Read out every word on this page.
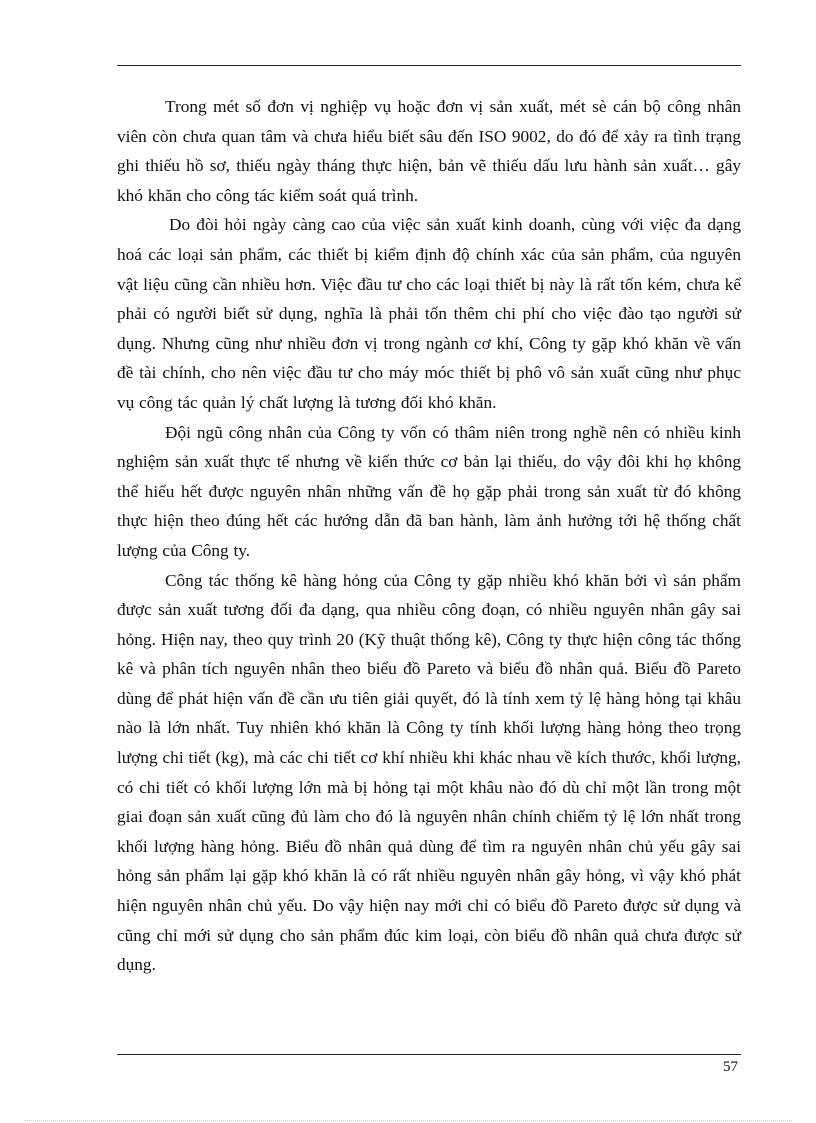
Trong mét số đơn vị nghiệp vụ hoặc đơn vị sản xuất, mét sè cán bộ công nhân viên còn chưa quan tâm và chưa hiểu biết sâu đến ISO 9002, do đó để xảy ra tình trạng ghi thiếu hồ sơ, thiếu ngày tháng thực hiện, bản vẽ thiếu dấu lưu hành sản xuất… gây khó khăn cho công tác kiểm soát quá trình.

Do đòi hỏi ngày càng cao của việc sản xuất kinh doanh, cùng với việc đa dạng hoá các loại sản phẩm, các thiết bị kiểm định độ chính xác của sản phẩm, của nguyên vật liệu cũng cần nhiều hơn. Việc đầu tư cho các loại thiết bị này là rất tốn kém, chưa kể phải có người biết sử dụng, nghĩa là phải tốn thêm chi phí cho việc đào tạo người sử dụng. Nhưng cũng như nhiều đơn vị trong ngành cơ khí, Công ty gặp khó khăn về vấn đề tài chính, cho nên việc đầu tư cho máy móc thiết bị phô vô sản xuất cũng như phục vụ công tác quản lý chất lượng là tương đối khó khăn.

Đội ngũ công nhân của Công ty vốn có thâm niên trong nghề nên có nhiều kinh nghiệm sản xuất thực tế nhưng về kiến thức cơ bản lại thiếu, do vậy đôi khi họ không thể hiểu hết được nguyên nhân những vấn đề họ gặp phải trong sản xuất từ đó không thực hiện theo đúng hết các hướng dẫn đã ban hành, làm ảnh hưởng tới hệ thống chất lượng của Công ty.

Công tác thống kê hàng hỏng của Công ty gặp nhiều khó khăn bởi vì sản phẩm được sản xuất tương đối đa dạng, qua nhiều công đoạn, có nhiều nguyên nhân gây sai hỏng. Hiện nay, theo quy trình 20 (Kỹ thuật thống kê), Công ty thực hiện công tác thống kê và phân tích nguyên nhân theo biểu đồ Pareto và biểu đồ nhân quả. Biểu đồ Pareto dùng để phát hiện vấn đề cần ưu tiên giải quyết, đó là tính xem tỷ lệ hàng hỏng tại khâu nào là lớn nhất. Tuy nhiên khó khăn là Công ty tính khối lượng hàng hỏng theo trọng lượng chi tiết (kg), mà các chi tiết cơ khí nhiều khi khác nhau về kích thước, khối lượng, có chi tiết có khối lượng lớn mà bị hỏng tại một khâu nào đó dù chỉ một lần trong một giai đoạn sản xuất cũng đủ làm cho đó là nguyên nhân chính chiếm tỷ lệ lớn nhất trong khối lượng hàng hỏng. Biểu đồ nhân quả dùng để tìm ra nguyên nhân chủ yếu gây sai hỏng sản phẩm lại gặp khó khăn là có rất nhiều nguyên nhân gây hỏng, vì vậy khó phát hiện nguyên nhân chủ yếu. Do vậy hiện nay mới chỉ có biểu đồ Pareto được sử dụng và cũng chỉ mới sử dụng cho sản phẩm đúc kim loại, còn biểu đồ nhân quả chưa được sử dụng.

57
